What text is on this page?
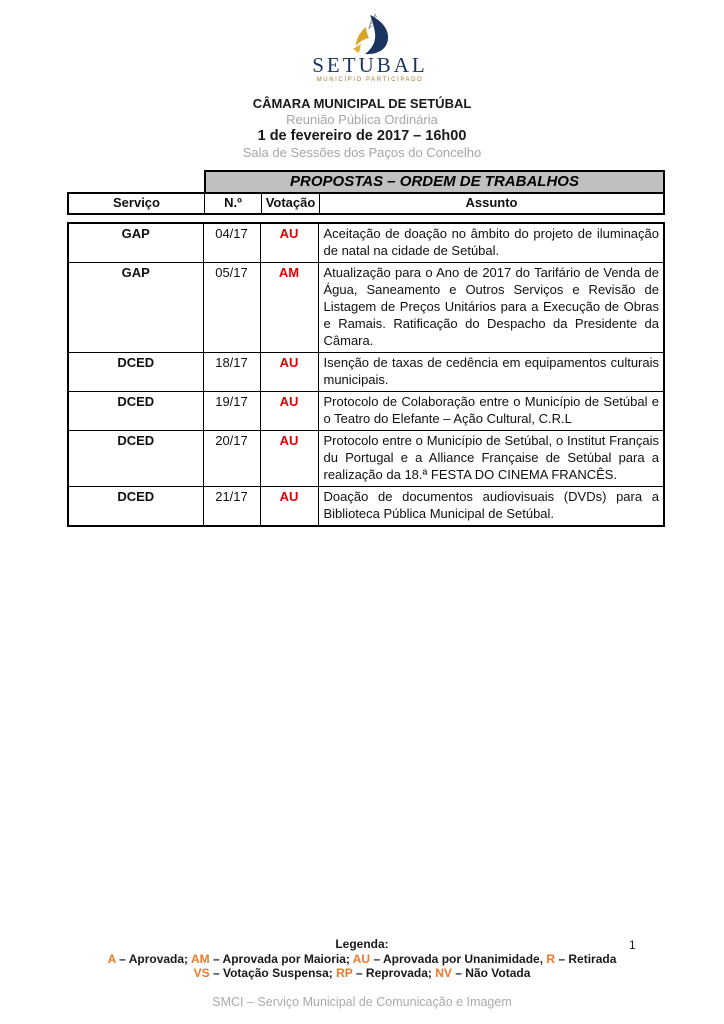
SETUBAL
MUNICÍPIO PARTICIPADO
CÂMARA MUNICIPAL DE SETÚBAL
Reunião Pública Ordinária
1 de fevereiro de 2017 – 16h00
Sala de Sessões dos Paços do Concelho
PROPOSTAS – ORDEM DE TRABALHOS
Serviço	N.º	Votação	Assunto
GAP	04/17	AU	Aceitação de doação no âmbito do projeto de iluminação de natal na cidade de Setúbal.
GAP	05/17	AM	Atualização para o Ano de 2017 do Tarifário de Venda de Água, Saneamento e Outros Serviços e Revisão de Listagem de Preços Unitários para a Execução de Obras e Ramais. Ratificação do Despacho da Presidente da Câmara.
DCED	18/17	AU	Isenção de taxas de cedência em equipamentos culturais municipais.
DCED	19/17	AU	Protocolo de Colaboração entre o Município de Setúbal e o Teatro do Elefante – Ação Cultural, C.R.L
DCED	20/17	AU	Protocolo entre o Município de Setúbal, o Institut Français du Portugal e a Alliance Française de Setúbal para a realização da 18.ª FESTA DO CINEMA FRANCÊS.
DCED	21/17	AU	Doação de documentos audiovisuais (DVDs) para a Biblioteca Pública Municipal de Setúbal.
Legenda:
A – Aprovada; AM – Aprovada por Maioria; AU – Aprovada por Unanimidade, R – Retirada
VS – Votação Suspensa; RP – Reprovada; NV – Não Votada
1
SMCI – Serviço Municipal de Comunicação e Imagem
